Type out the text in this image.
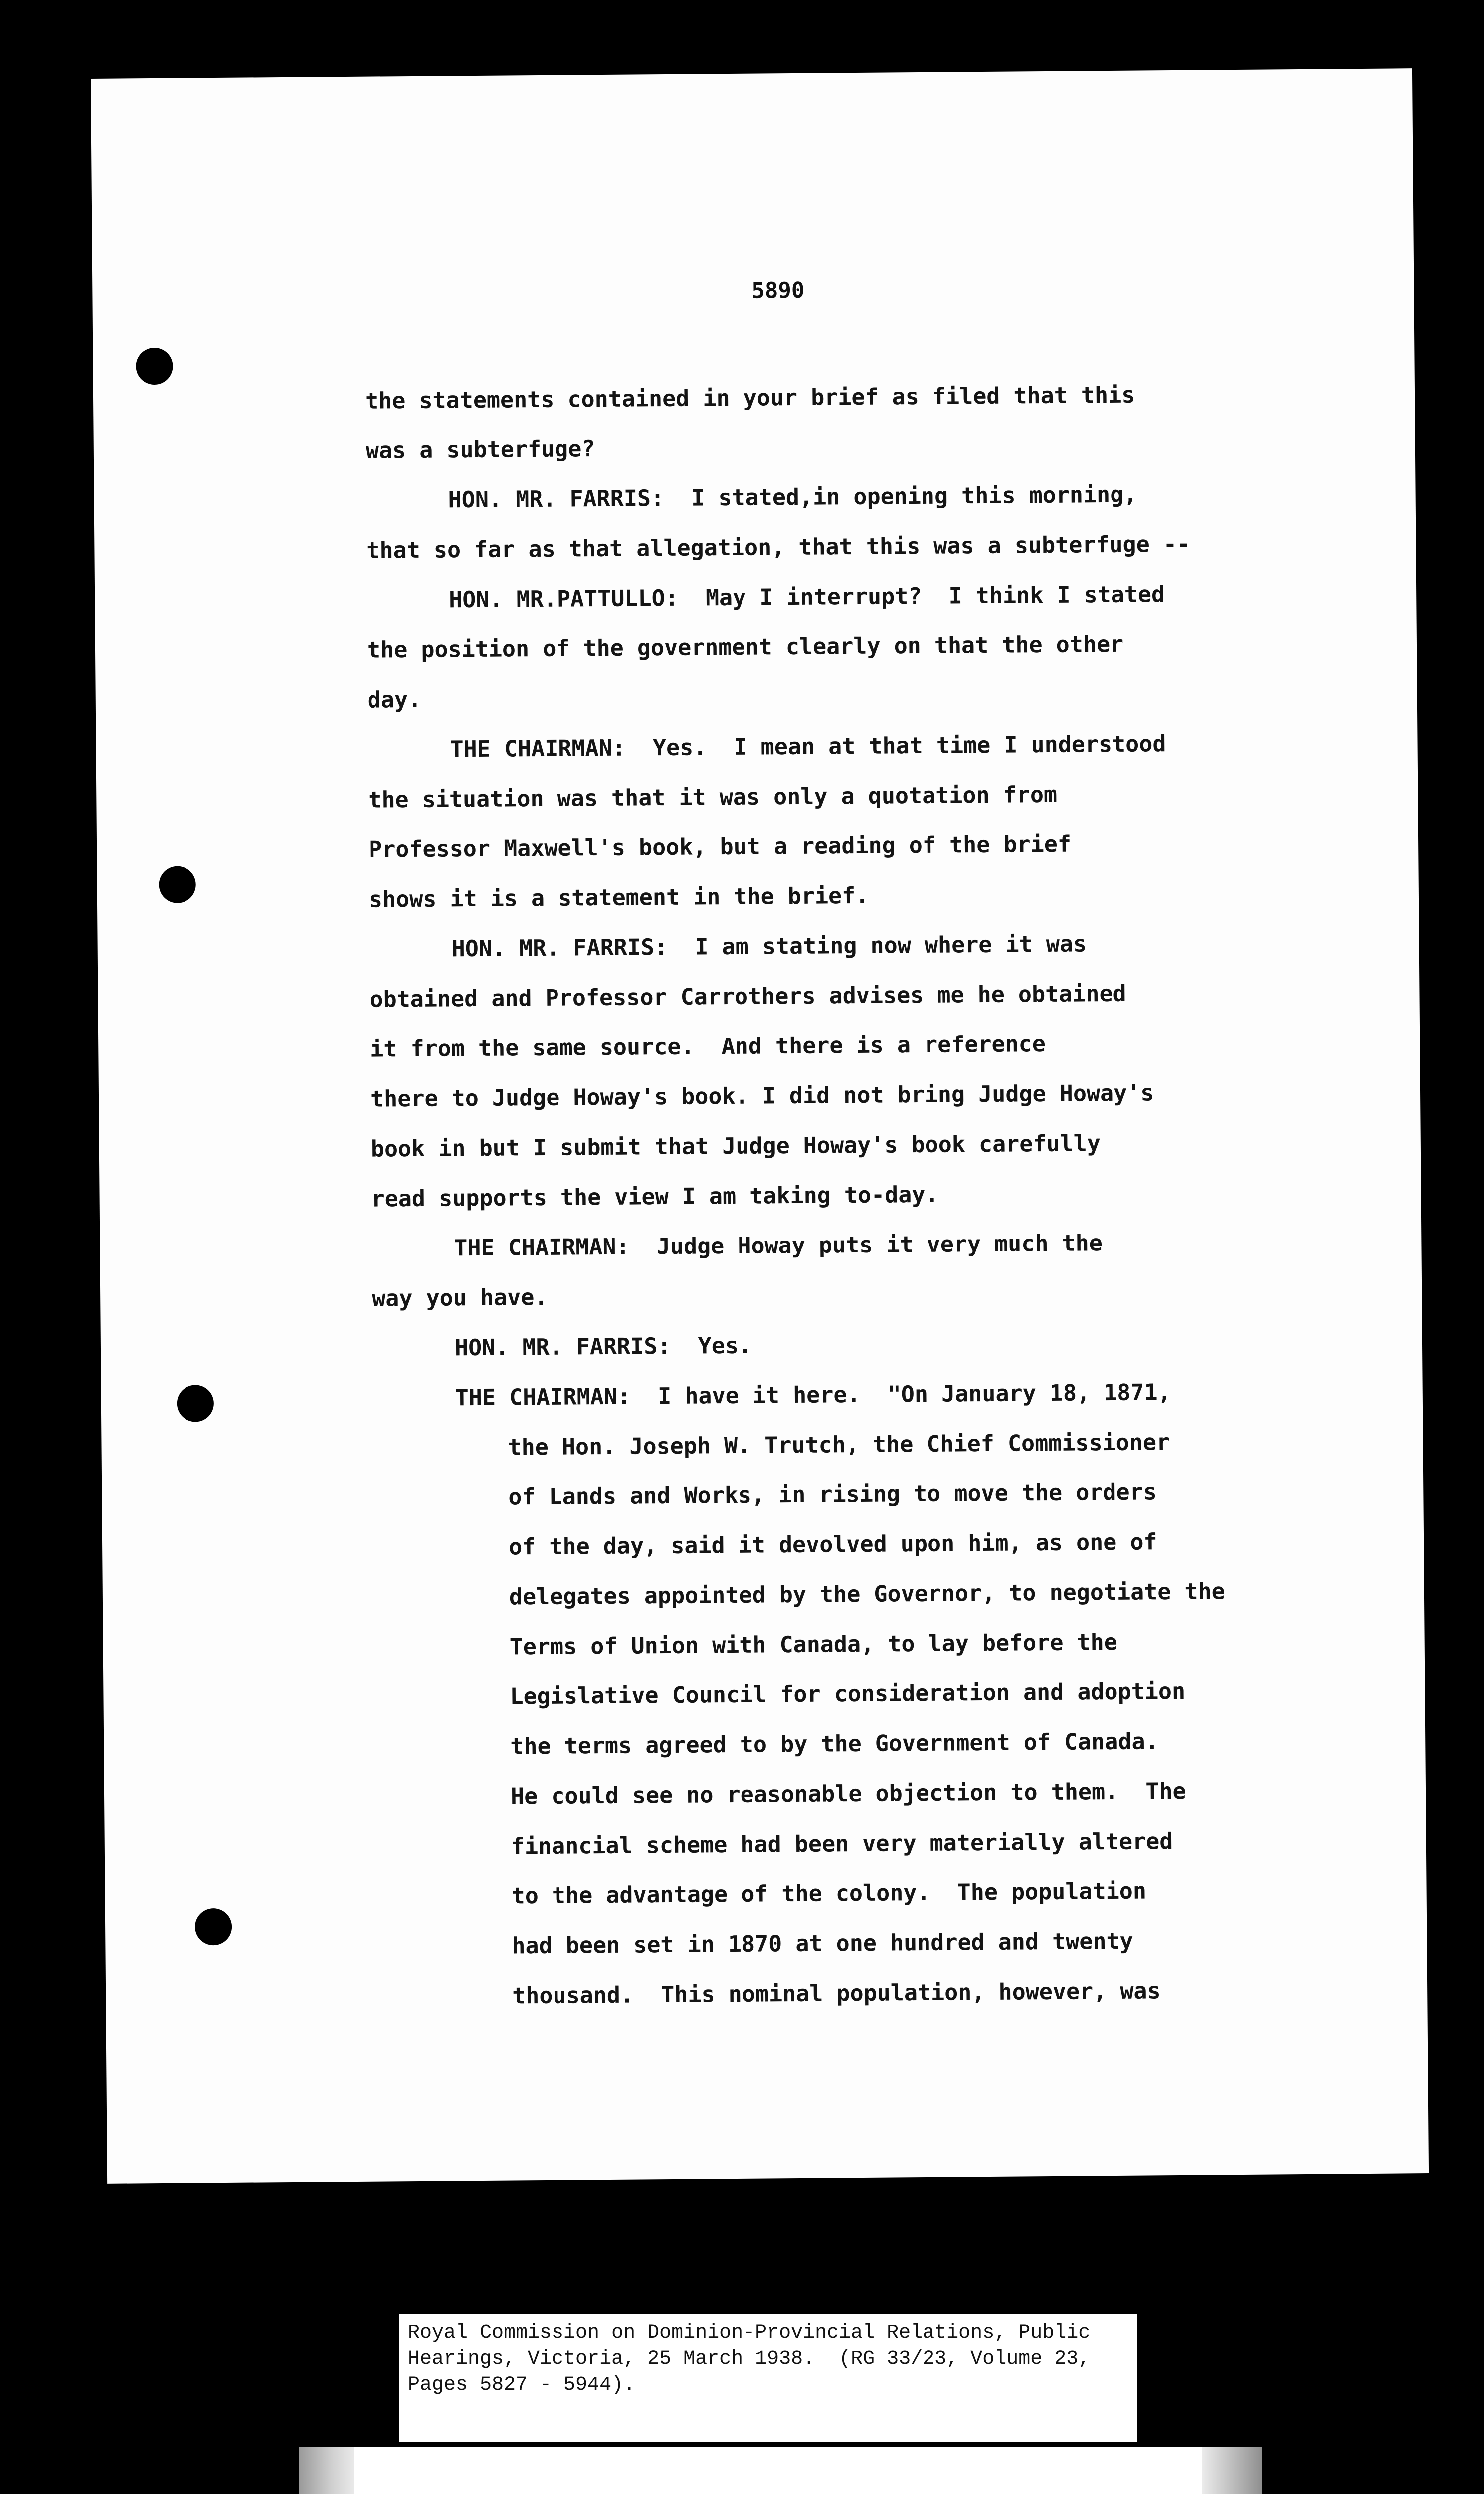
5890
the statements contained in your brief as filed that this
was a subterfuge?
HON. MR. FARRIS:  I stated,in opening this morning,
that so far as that allegation, that this was a subterfuge --
HON. MR.PATTULLO:  May I interrupt?  I think I stated
the position of the government clearly on that the other
day.
THE CHAIRMAN:  Yes.  I mean at that time I understood
the situation was that it was only a quotation from
Professor Maxwell's book, but a reading of the brief
shows it is a statement in the brief.
HON. MR. FARRIS:  I am stating now where it was
obtained and Professor Carrothers advises me he obtained
it from the same source.  And there is a reference
there to Judge Howay's book. I did not bring Judge Howay's
book in but I submit that Judge Howay's book carefully
read supports the view I am taking to-day.
THE CHAIRMAN:  Judge Howay puts it very much the
way you have.
HON. MR. FARRIS:  Yes.
THE CHAIRMAN:  I have it here.  "On January 18, 1871,
the Hon. Joseph W. Trutch, the Chief Commissioner
of Lands and Works, in rising to move the orders
of the day, said it devolved upon him, as one of
delegates appointed by the Governor, to negotiate the
Terms of Union with Canada, to lay before the
Legislative Council for consideration and adoption
the terms agreed to by the Government of Canada.
He could see no reasonable objection to them.  The
financial scheme had been very materially altered
to the advantage of the colony.  The population
had been set in 1870 at one hundred and twenty
thousand.  This nominal population, however, was
Royal Commission on Dominion-Provincial Relations, Public
Hearings, Victoria, 25 March 1938.  (RG 33/23, Volume 23,
Pages 5827 - 5944).
